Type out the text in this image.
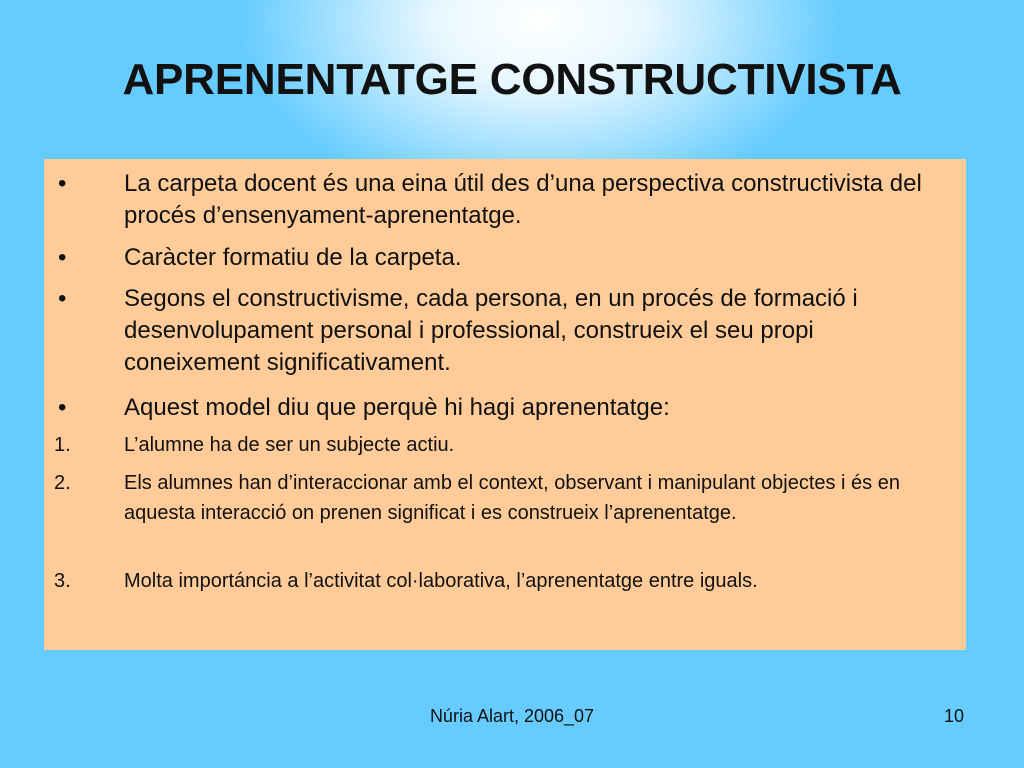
APRENENTATGE CONSTRUCTIVISTA
• La carpeta docent és una eina útil des d’una perspectiva constructivista del procés d’ensenyament-aprenentatge.
• Caràcter formatiu de la carpeta.
• Segons el constructivisme, cada persona, en un procés de formació i desenvolupament personal i professional, construeix el seu propi coneixement significativament.
• Aquest model diu que perquè hi hagi aprenentatge:
1.	L’alumne ha de ser un subjecte actiu.
2.	Els alumnes han d’interaccionar amb el context, observant i manipulant objectes i és en aquesta interacció on prenen significat i es construeix l’aprenentatge.
3.	Molta importáncia a l’activitat col·laborativa, l’aprenentatge entre iguals.
Núria Alart, 2006_07	10
